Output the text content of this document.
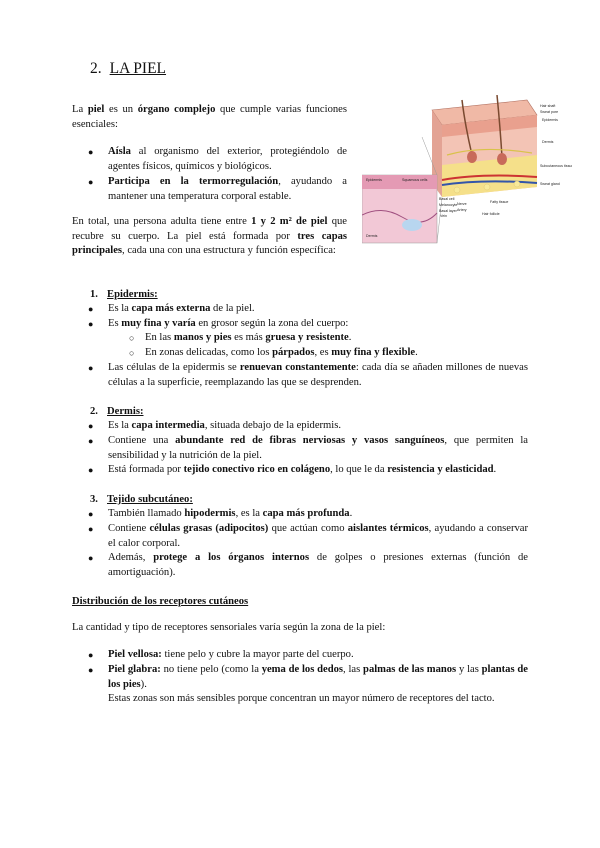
2. LA PIEL

La piel es un órgano complejo que cumple varias funciones esenciales:

● Aísla al organismo del exterior, protegiéndolo de agentes físicos, químicos y biológicos.

● Participa en la termorregulación, ayudando a mantener una temperatura corporal estable.

En total, una persona adulta tiene entre 1 y 2 m² de piel que recubre su cuerpo. La piel está formada por tres capas principales, cada una con una estructura y función específica:

Hair shaft
Sweat pore
Epidermis
Dermis
Subcutaneous tissue
Sweat gland
Nerve
Artery
Vein
Fatty tissue
Hair follicle
Epidermis	Squamous cells
Basal cell
Melanocyte
Basal layer
Dermis

1. Epidermis:

● Es la capa más externa de la piel.

● Es muy fina y varía en grosor según la zona del cuerpo:

○ En las manos y pies es más gruesa y resistente.

○ En zonas delicadas, como los párpados, es muy fina y flexible.

● Las células de la epidermis se renuevan constantemente: cada día se añaden millones de nuevas células a la superficie, reemplazando las que se desprenden.

2. Dermis:

● Es la capa intermedia, situada debajo de la epidermis.

● Contiene una abundante red de fibras nerviosas y vasos sanguíneos, que permiten la sensibilidad y la nutrición de la piel.

● Está formada por tejido conectivo rico en colágeno, lo que le da resistencia y elasticidad.

3. Tejido subcutáneo:

● También llamado hipodermis, es la capa más profunda.

● Contiene células grasas (adipocitos) que actúan como aislantes térmicos, ayudando a conservar el calor corporal.

● Además, protege a los órganos internos de golpes o presiones externas (función de amortiguación).

Distribución de los receptores cutáneos

La cantidad y tipo de receptores sensoriales varía según la zona de la piel:

● Piel vellosa: tiene pelo y cubre la mayor parte del cuerpo.

● Piel glabra: no tiene pelo (como la yema de los dedos, las palmas de las manos y las plantas de los pies).

Estas zonas son más sensibles porque concentran un mayor número de receptores del tacto.
